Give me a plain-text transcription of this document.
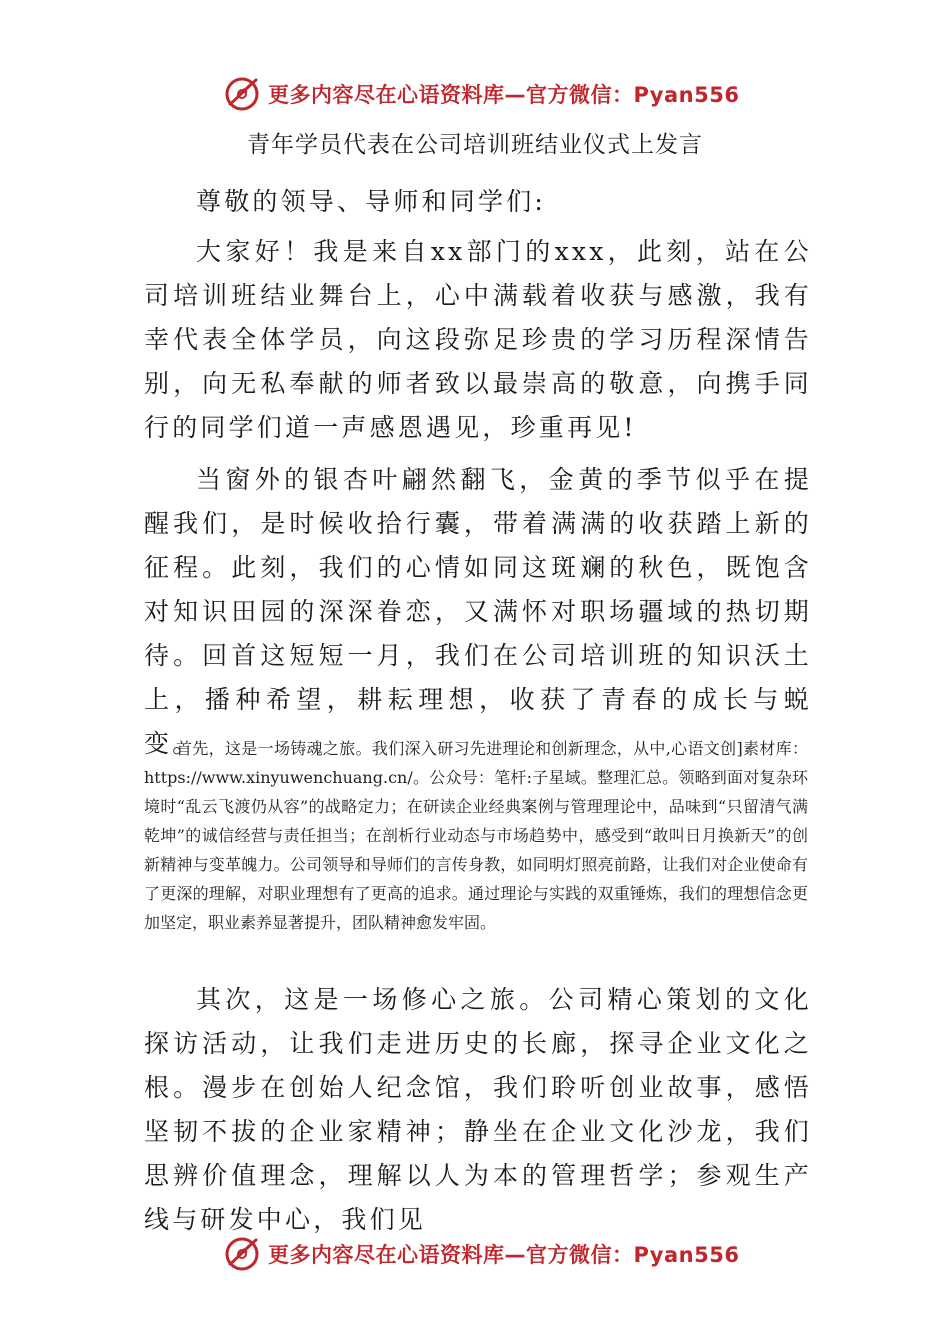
更多内容尽在心语资料库—官方微信：Pyan556
青年学员代表在公司培训班结业仪式上发言

尊敬的领导、导师和同学们:

大家好！我是来自xx部门的xxx，此刻，站在公司培训班结业舞台上，心中满载着收获与感激，我有幸代表全体学员，向这段弥足珍贵的学习历程深情告别，向无私奉献的师者致以最崇高的敬意，向携手同行的同学们道一声感恩遇见，珍重再见!

当窗外的银杏叶翩然翻飞，金黄的季节似乎在提醒我们，是时候收拾行囊，带着满满的收获踏上新的征程。此刻，我们的心情如同这斑斓的秋色，既饱含对知识田园的深深眷恋，又满怀对职场疆域的热切期待。回首这短短一月，我们在公司培训班的知识沃土上，播种希望，耕耘理想，收获了青春的成长与蜕变。

首先，这是一场铸魂之旅。我们深入研习先进理论和创新理念，从中,心语文创]素材库：https://www.xinyuwenchuang.cn/。公众号：笔杆:子星域。整理汇总。领略到面对复杂环境时“乱云飞渡仍从容”的战略定力；在研读企业经典案例与管理理论中，品味到“只留清气满乾坤”的诚信经营与责任担当；在剖析行业动态与市场趋势中，感受到“敢叫日月换新天”的创新精神与变革魄力。公司领导和导师们的言传身教，如同明灯照亮前路，让我们对企业使命有了更深的理解，对职业理想有了更高的追求。通过理论与实践的双重锤炼，我们的理想信念更加坚定，职业素养显著提升，团队精神愈发牢固。

其次，这是一场修心之旅。公司精心策划的文化探访活动，让我们走进历史的长廊，探寻企业文化之根。漫步在创始人纪念馆，我们聆听创业故事，感悟坚韧不拔的企业家精神；静坐在企业文化沙龙，我们思辨价值理念，理解以人为本的管理哲学；参观生产线与研发中心，我们见

更多内容尽在心语资料库—官方微信：Pyan556
